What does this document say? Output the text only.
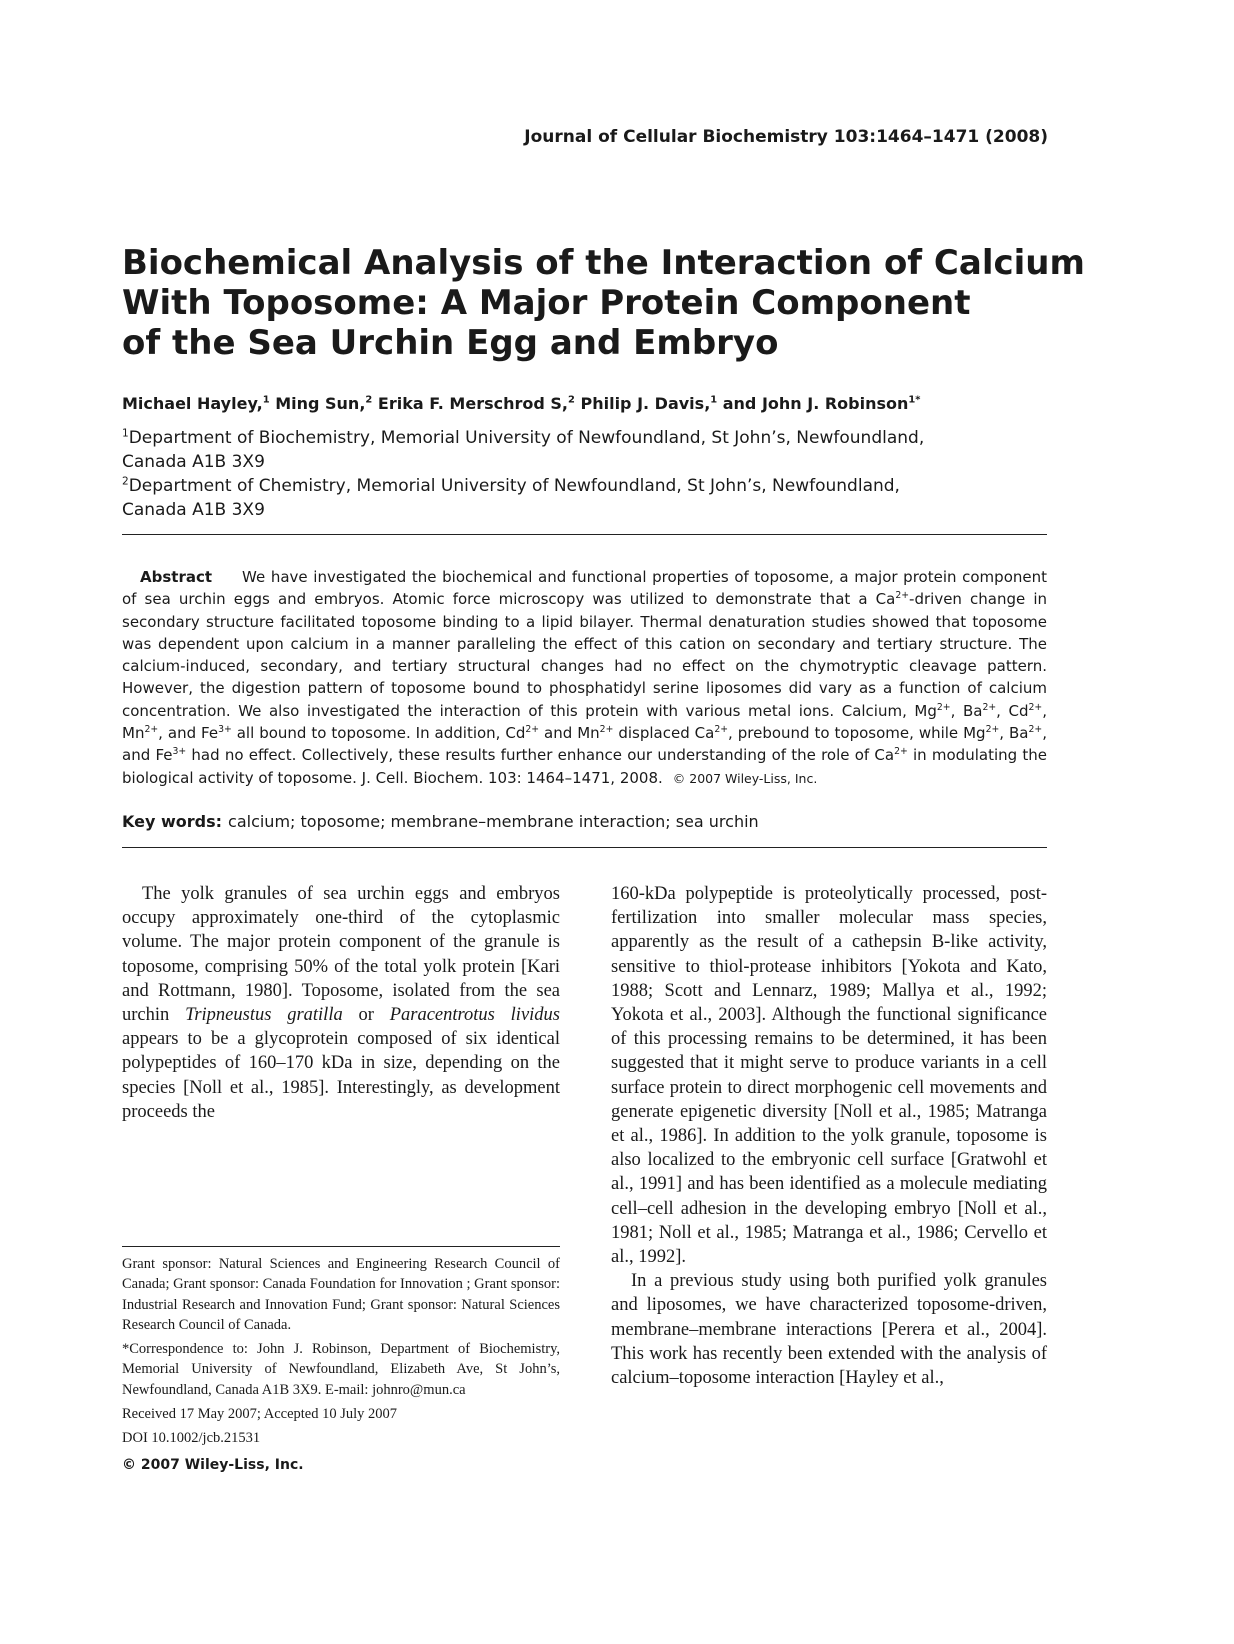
Journal of Cellular Biochemistry 103:1464–1471 (2008)
Biochemical Analysis of the Interaction of Calcium
With Toposome: A Major Protein Component
of the Sea Urchin Egg and Embryo
Michael Hayley,$^1$ Ming Sun,$^2$ Erika F. Merschrod S,$^2$ Philip J. Davis,$^1$ and John J. Robinson$^{1*}$
$^1$Department of Biochemistry, Memorial University of Newfoundland, St John’s, Newfoundland,
Canada A1B 3X9
$^2$Department of Chemistry, Memorial University of Newfoundland, St John’s, Newfoundland,
Canada A1B 3X9

Abstract We have investigated the biochemical and functional properties of toposome, a major protein component of sea urchin eggs and embryos. Atomic force microscopy was utilized to demonstrate that a $Ca^{2+}$-driven change in secondary structure facilitated toposome binding to a lipid bilayer. Thermal denaturation studies showed that toposome was dependent upon calcium in a manner paralleling the effect of this cation on secondary and tertiary structure. The calcium-induced, secondary, and tertiary structural changes had no effect on the chymotryptic cleavage pattern. However, the digestion pattern of toposome bound to phosphatidyl serine liposomes did vary as a function of calcium concentration. We also investigated the interaction of this protein with various metal ions. Calcium, $Mg^{2+}$, $Ba^{2+}$, $Cd^{2+}$, $Mn^{2+}$, and $Fe^{3+}$ all bound to toposome. In addition, $Cd^{2+}$ and $Mn^{2+}$ displaced $Ca^{2+}$, prebound to toposome, while $Mg^{2+}$, $Ba^{2+}$, and $Fe^{3+}$ had no effect. Collectively, these results further enhance our understanding of the role of $Ca^{2+}$ in modulating the biological activity of toposome. J. Cell. Biochem. 103: 1464–1471, 2008. © 2007 Wiley-Liss, Inc.

Key words: calcium; toposome; membrane–membrane interaction; sea urchin

The yolk granules of sea urchin eggs and embryos occupy approximately one-third of the cytoplasmic volume. The major protein component of the granule is toposome, comprising 50% of the total yolk protein [Kari and Rottmann, 1980]. Toposome, isolated from the sea urchin Tripneustus gratilla or Paracentrotus lividus appears to be a glycoprotein composed of six identical polypeptides of 160–170 kDa in size, depending on the species [Noll et al., 1985]. Interestingly, as development proceeds the

160-kDa polypeptide is proteolytically processed, post-fertilization into smaller molecular mass species, apparently as the result of a cathepsin B-like activity, sensitive to thiol-protease inhibitors [Yokota and Kato, 1988; Scott and Lennarz, 1989; Mallya et al., 1992; Yokota et al., 2003]. Although the functional significance of this processing remains to be determined, it has been suggested that it might serve to produce variants in a cell surface protein to direct morphogenic cell movements and generate epigenetic diversity [Noll et al., 1985; Matranga et al., 1986]. In addition to the yolk granule, toposome is also localized to the embryonic cell surface [Gratwohl et al., 1991] and has been identified as a molecule mediating cell–cell adhesion in the developing embryo [Noll et al., 1981; Noll et al., 1985; Matranga et al., 1986; Cervello et al., 1992].

In a previous study using both purified yolk granules and liposomes, we have characterized toposome-driven, membrane–membrane interactions [Perera et al., 2004]. This work has recently been extended with the analysis of calcium–toposome interaction [Hayley et al.,

Grant sponsor: Natural Sciences and Engineering Research Council of Canada; Grant sponsor: Canada Foundation for Innovation ; Grant sponsor: Industrial Research and Innovation Fund; Grant sponsor: Natural Sciences Research Council of Canada.

*Correspondence to: John J. Robinson, Department of Biochemistry, Memorial University of Newfoundland, Elizabeth Ave, St John’s, Newfoundland, Canada A1B 3X9. E-mail: johnro@mun.ca

Received 17 May 2007; Accepted 10 July 2007

DOI 10.1002/jcb.21531

© 2007 Wiley-Liss, Inc.
